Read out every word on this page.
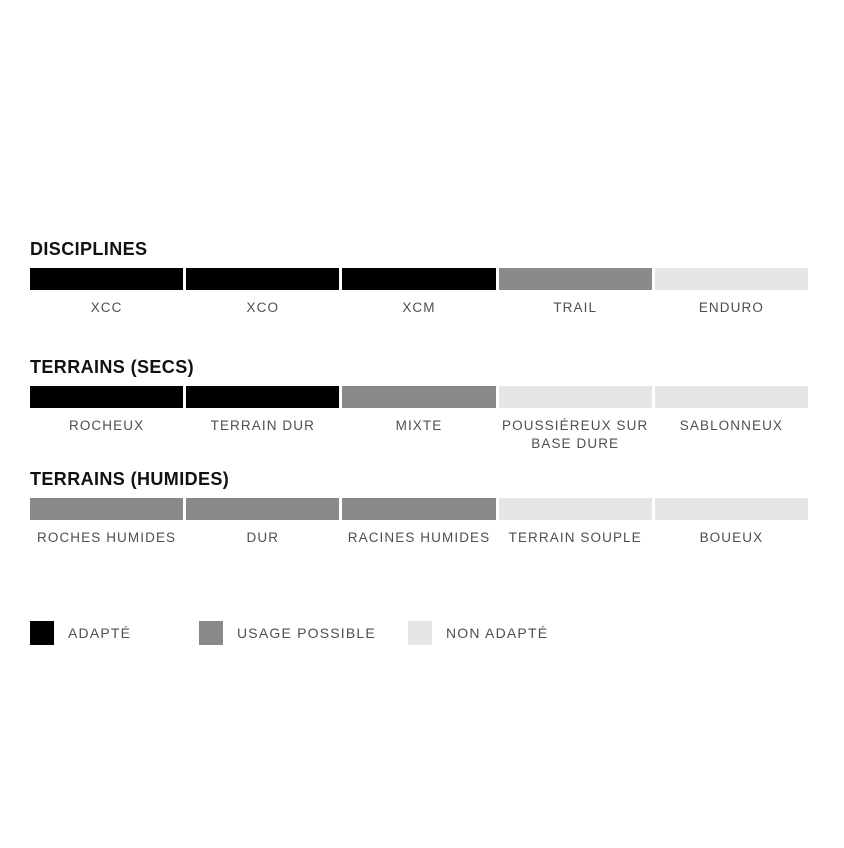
DISCIPLINES
XCC	XCO	XCM	TRAIL	ENDURO
TERRAINS (SECS)
ROCHEUX	TERRAIN DUR	MIXTE	POUSSIÉREUX SUR BASE DURE
SABLONNEUX
TERRAINS (HUMIDES)
ROCHES HUMIDES	DUR	RACINES HUMIDES	TERRAIN SOUPLE	BOUEUX
ADAPTÉ	USAGE POSSIBLE	NON ADAPTÉ
